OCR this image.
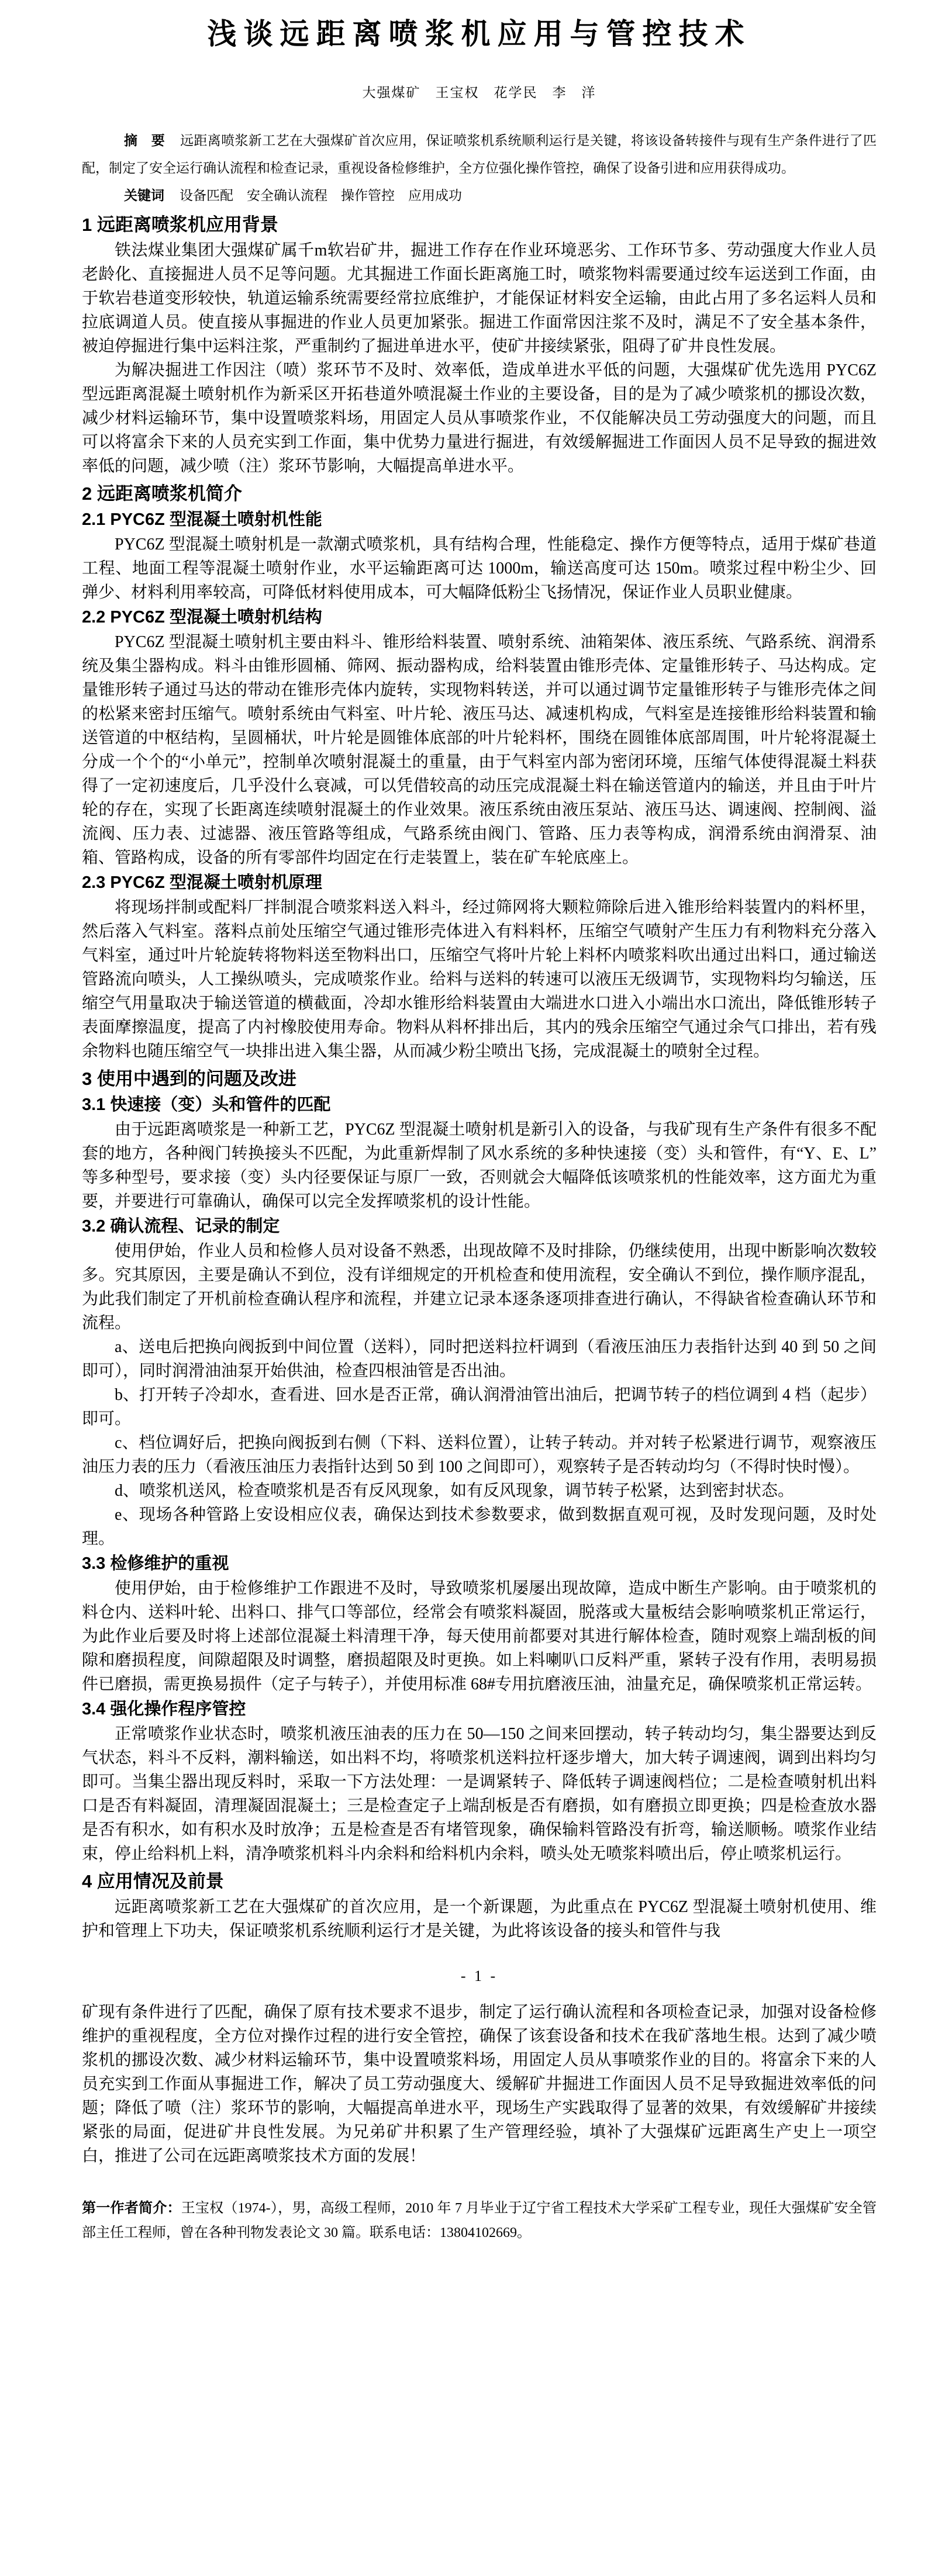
浅谈远距离喷浆机应用与管控技术
大强煤矿　王宝权　花学民　李　洋

摘　要 远距离喷浆新工艺在大强煤矿首次应用，保证喷浆机系统顺利运行是关键，将该设备转接件与现有生产条件进行了匹配，制定了安全运行确认流程和检查记录，重视设备检修维护，全方位强化操作管控，确保了设备引进和应用获得成功。

关键词 设备匹配　安全确认流程　操作管控　应用成功

1 远距离喷浆机应用背景

铁法煤业集团大强煤矿属千m软岩矿井，掘进工作存在作业环境恶劣、工作环节多、劳动强度大作业人员老龄化、直接掘进人员不足等问题。尤其掘进工作面长距离施工时，喷浆物料需要通过绞车运送到工作面，由于软岩巷道变形较快，轨道运输系统需要经常拉底维护，才能保证材料安全运输，由此占用了多名运料人员和拉底调道人员。使直接从事掘进的作业人员更加紧张。掘进工作面常因注浆不及时，满足不了安全基本条件，被迫停掘进行集中运料注浆，严重制约了掘进单进水平，使矿井接续紧张，阻碍了矿井良性发展。

为解决掘进工作因注（喷）浆环节不及时、效率低，造成单进水平低的问题，大强煤矿优先选用 PYC6Z 型远距离混凝土喷射机作为新采区开拓巷道外喷混凝土作业的主要设备，目的是为了减少喷浆机的挪设次数，减少材料运输环节，集中设置喷浆料场，用固定人员从事喷浆作业，不仅能解决员工劳动强度大的问题，而且可以将富余下来的人员充实到工作面，集中优势力量进行掘进，有效缓解掘进工作面因人员不足导致的掘进效率低的问题，减少喷（注）浆环节影响，大幅提高单进水平。

2 远距离喷浆机简介
2.1 PYC6Z 型混凝土喷射机性能

PYC6Z 型混凝土喷射机是一款潮式喷浆机，具有结构合理，性能稳定、操作方便等特点，适用于煤矿巷道工程、地面工程等混凝土喷射作业，水平运输距离可达 1000m，输送高度可达 150m。喷浆过程中粉尘少、回弹少、材料利用率较高，可降低材料使用成本，可大幅降低粉尘飞扬情况，保证作业人员职业健康。

2.2 PYC6Z 型混凝土喷射机结构

PYC6Z 型混凝土喷射机主要由料斗、锥形给料装置、喷射系统、油箱架体、液压系统、气路系统、润滑系统及集尘器构成。料斗由锥形圆桶、筛网、振动器构成，给料装置由锥形壳体、定量锥形转子、马达构成。定量锥形转子通过马达的带动在锥形壳体内旋转，实现物料转送，并可以通过调节定量锥形转子与锥形壳体之间的松紧来密封压缩气。喷射系统由气料室、叶片轮、液压马达、减速机构成，气料室是连接锥形给料装置和输送管道的中枢结构，呈圆桶状，叶片轮是圆锥体底部的叶片轮料杯，围绕在圆锥体底部周围，叶片轮将混凝土分成一个个的“小单元”，控制单次喷射混凝土的重量，由于气料室内部为密闭环境，压缩气体使得混凝土料获得了一定初速度后，几乎没什么衰减，可以凭借较高的动压完成混凝土料在输送管道内的输送，并且由于叶片轮的存在，实现了长距离连续喷射混凝土的作业效果。液压系统由液压泵站、液压马达、调速阀、控制阀、溢流阀、压力表、过滤器、液压管路等组成，气路系统由阀门、管路、压力表等构成，润滑系统由润滑泵、油箱、管路构成，设备的所有零部件均固定在行走装置上，装在矿车轮底座上。

2.3 PYC6Z 型混凝土喷射机原理

将现场拌制或配料厂拌制混合喷浆料送入料斗，经过筛网将大颗粒筛除后进入锥形给料装置内的料杯里，然后落入气料室。落料点前处压缩空气通过锥形壳体进入有料料杯，压缩空气喷射产生压力有利物料充分落入气料室，通过叶片轮旋转将物料送至物料出口，压缩空气将叶片轮上料杯内喷浆料吹出通过出料口，通过输送管路流向喷头，人工操纵喷头，完成喷浆作业。给料与送料的转速可以液压无级调节，实现物料均匀输送，压缩空气用量取决于输送管道的横截面，冷却水锥形给料装置由大端进水口进入小端出水口流出，降低锥形转子表面摩擦温度，提高了内衬橡胶使用寿命。物料从料杯排出后，其内的残余压缩空气通过余气口排出，若有残余物料也随压缩空气一块排出进入集尘器，从而减少粉尘喷出飞扬，完成混凝土的喷射全过程。

3 使用中遇到的问题及改进
3.1 快速接（变）头和管件的匹配

由于远距离喷浆是一种新工艺，PYC6Z 型混凝土喷射机是新引入的设备，与我矿现有生产条件有很多不配套的地方，各种阀门转换接头不匹配，为此重新焊制了风水系统的多种快速接（变）头和管件，有“Y、E、L”等多种型号，要求接（变）头内径要保证与原厂一致，否则就会大幅降低该喷浆机的性能效率，这方面尤为重要，并要进行可靠确认，确保可以完全发挥喷浆机的设计性能。

3.2 确认流程、记录的制定

使用伊始，作业人员和检修人员对设备不熟悉，出现故障不及时排除，仍继续使用，出现中断影响次数较多。究其原因，主要是确认不到位，没有详细规定的开机检查和使用流程，安全确认不到位，操作顺序混乱，为此我们制定了开机前检查确认程序和流程，并建立记录本逐条逐项排查进行确认，不得缺省检查确认环节和流程。

a、送电后把换向阀扳到中间位置（送料），同时把送料拉杆调到（看液压油压力表指针达到 40 到 50 之间即可），同时润滑油油泵开始供油，检查四根油管是否出油。

b、打开转子冷却水，查看进、回水是否正常，确认润滑油管出油后，把调节转子的档位调到 4 档（起步）即可。

c、档位调好后，把换向阀扳到右侧（下料、送料位置），让转子转动。并对转子松紧进行调节，观察液压油压力表的压力（看液压油压力表指针达到 50 到 100 之间即可），观察转子是否转动均匀（不得时快时慢）。

d、喷浆机送风，检查喷浆机是否有反风现象，如有反风现象，调节转子松紧，达到密封状态。

e、现场各种管路上安设相应仪表，确保达到技术参数要求，做到数据直观可视，及时发现问题，及时处理。

3.3 检修维护的重视

使用伊始，由于检修维护工作跟进不及时，导致喷浆机屡屡出现故障，造成中断生产影响。由于喷浆机的料仓内、送料叶轮、出料口、排气口等部位，经常会有喷浆料凝固，脱落或大量板结会影响喷浆机正常运行，为此作业后要及时将上述部位混凝土料清理干净，每天使用前都要对其进行解体检查，随时观察上端刮板的间隙和磨损程度，间隙超限及时调整，磨损超限及时更换。如上料喇叭口反料严重，紧转子没有作用，表明易损件已磨损，需更换易损件（定子与转子），并使用标准 68#专用抗磨液压油，油量充足，确保喷浆机正常运转。

3.4 强化操作程序管控

正常喷浆作业状态时，喷浆机液压油表的压力在 50—150 之间来回摆动，转子转动均匀，集尘器要达到反气状态，料斗不反料，潮料输送，如出料不均，将喷浆机送料拉杆逐步增大，加大转子调速阀，调到出料均匀即可。当集尘器出现反料时，采取一下方法处理：一是调紧转子、降低转子调速阀档位；二是检查喷射机出料口是否有料凝固，清理凝固混凝土；三是检查定子上端刮板是否有磨损，如有磨损立即更换；四是检查放水器是否有积水，如有积水及时放净；五是检查是否有堵管现象，确保输料管路没有折弯，输送顺畅。喷浆作业结束，停止给料机上料，清净喷浆机料斗内余料和给料机内余料，喷头处无喷浆料喷出后，停止喷浆机运行。

4 应用情况及前景

远距离喷浆新工艺在大强煤矿的首次应用，是一个新课题，为此重点在 PYC6Z 型混凝土喷射机使用、维护和管理上下功夫，保证喷浆机系统顺利运行才是关键，为此将该设备的接头和管件与我

- 1 -

矿现有条件进行了匹配，确保了原有技术要求不退步，制定了运行确认流程和各项检查记录，加强对设备检修维护的重视程度，全方位对操作过程的进行安全管控，确保了该套设备和技术在我矿落地生根。达到了减少喷浆机的挪设次数、减少材料运输环节，集中设置喷浆料场，用固定人员从事喷浆作业的目的。将富余下来的人员充实到工作面从事掘进工作，解决了员工劳动强度大、缓解矿井掘进工作面因人员不足导致掘进效率低的问题；降低了喷（注）浆环节的影响，大幅提高单进水平，现场生产实践取得了显著的效果，有效缓解矿井接续紧张的局面，促进矿井良性发展。为兄弟矿井积累了生产管理经验，填补了大强煤矿远距离生产史上一项空白，推进了公司在远距离喷浆技术方面的发展！

第一作者简介：王宝权（1974-），男，高级工程师，2010 年 7 月毕业于辽宁省工程技术大学采矿工程专业，现任大强煤矿安全管部主任工程师，曾在各种刊物发表论文 30 篇。联系电话：13804102669。
